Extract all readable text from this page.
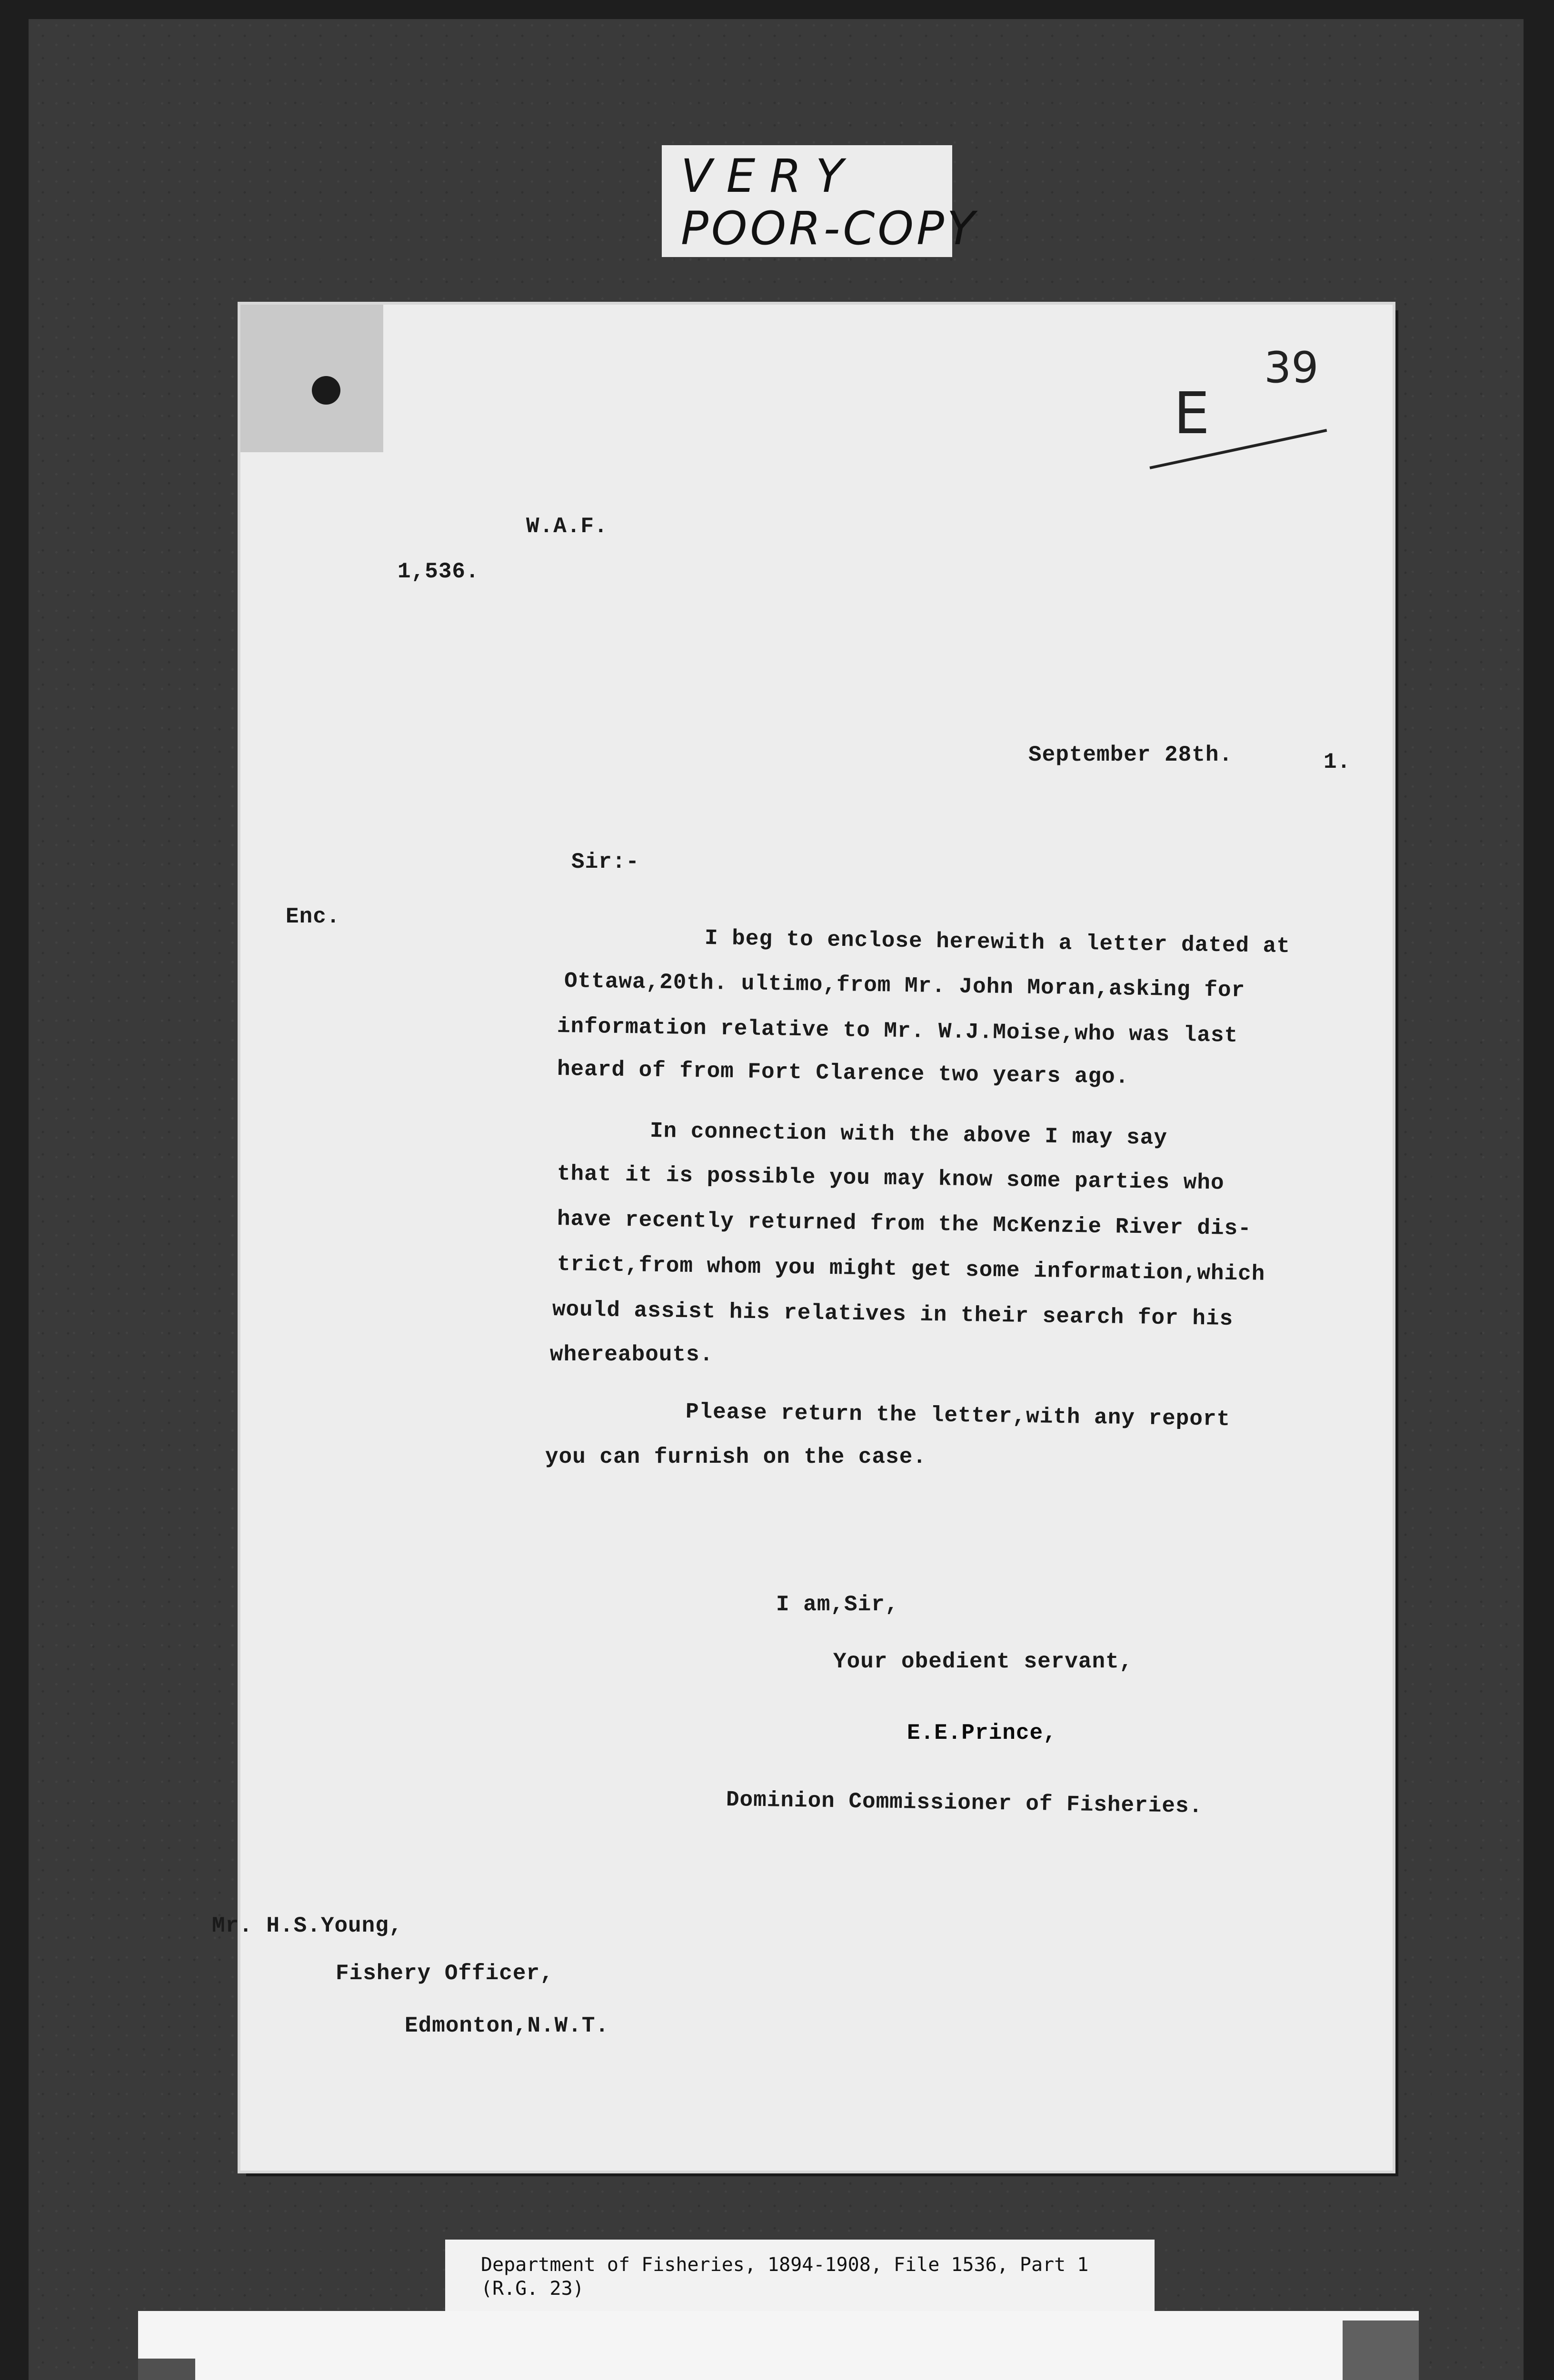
VERY
POOR-COPY
39
E
W.A.F.
1,536.
September 28th.	1.
Sir:-
Enc.
I beg to enclose herewith a letter dated at
Ottawa,20th. ultimo,from Mr. John Moran,asking for
information relative to Mr. W.J.Moise,who was last
heard of from Fort Clarence two years ago.
In connection with the above I may say
that it is possible you may know some parties who
have recently returned from the McKenzie River dis-
trict,from whom you might get some information,which
would assist his relatives in their search for his
whereabouts.
Please return the letter,with any report
you can furnish on the case.
I am,Sir,
Your obedient servant,
E.E.Prince,
Dominion Commissioner of Fisheries.
Mr. H.S.Young,
Fishery Officer,
Edmonton,N.W.T.
Department of Fisheries, 1894-1908, File 1536, Part 1
(R.G. 23)
